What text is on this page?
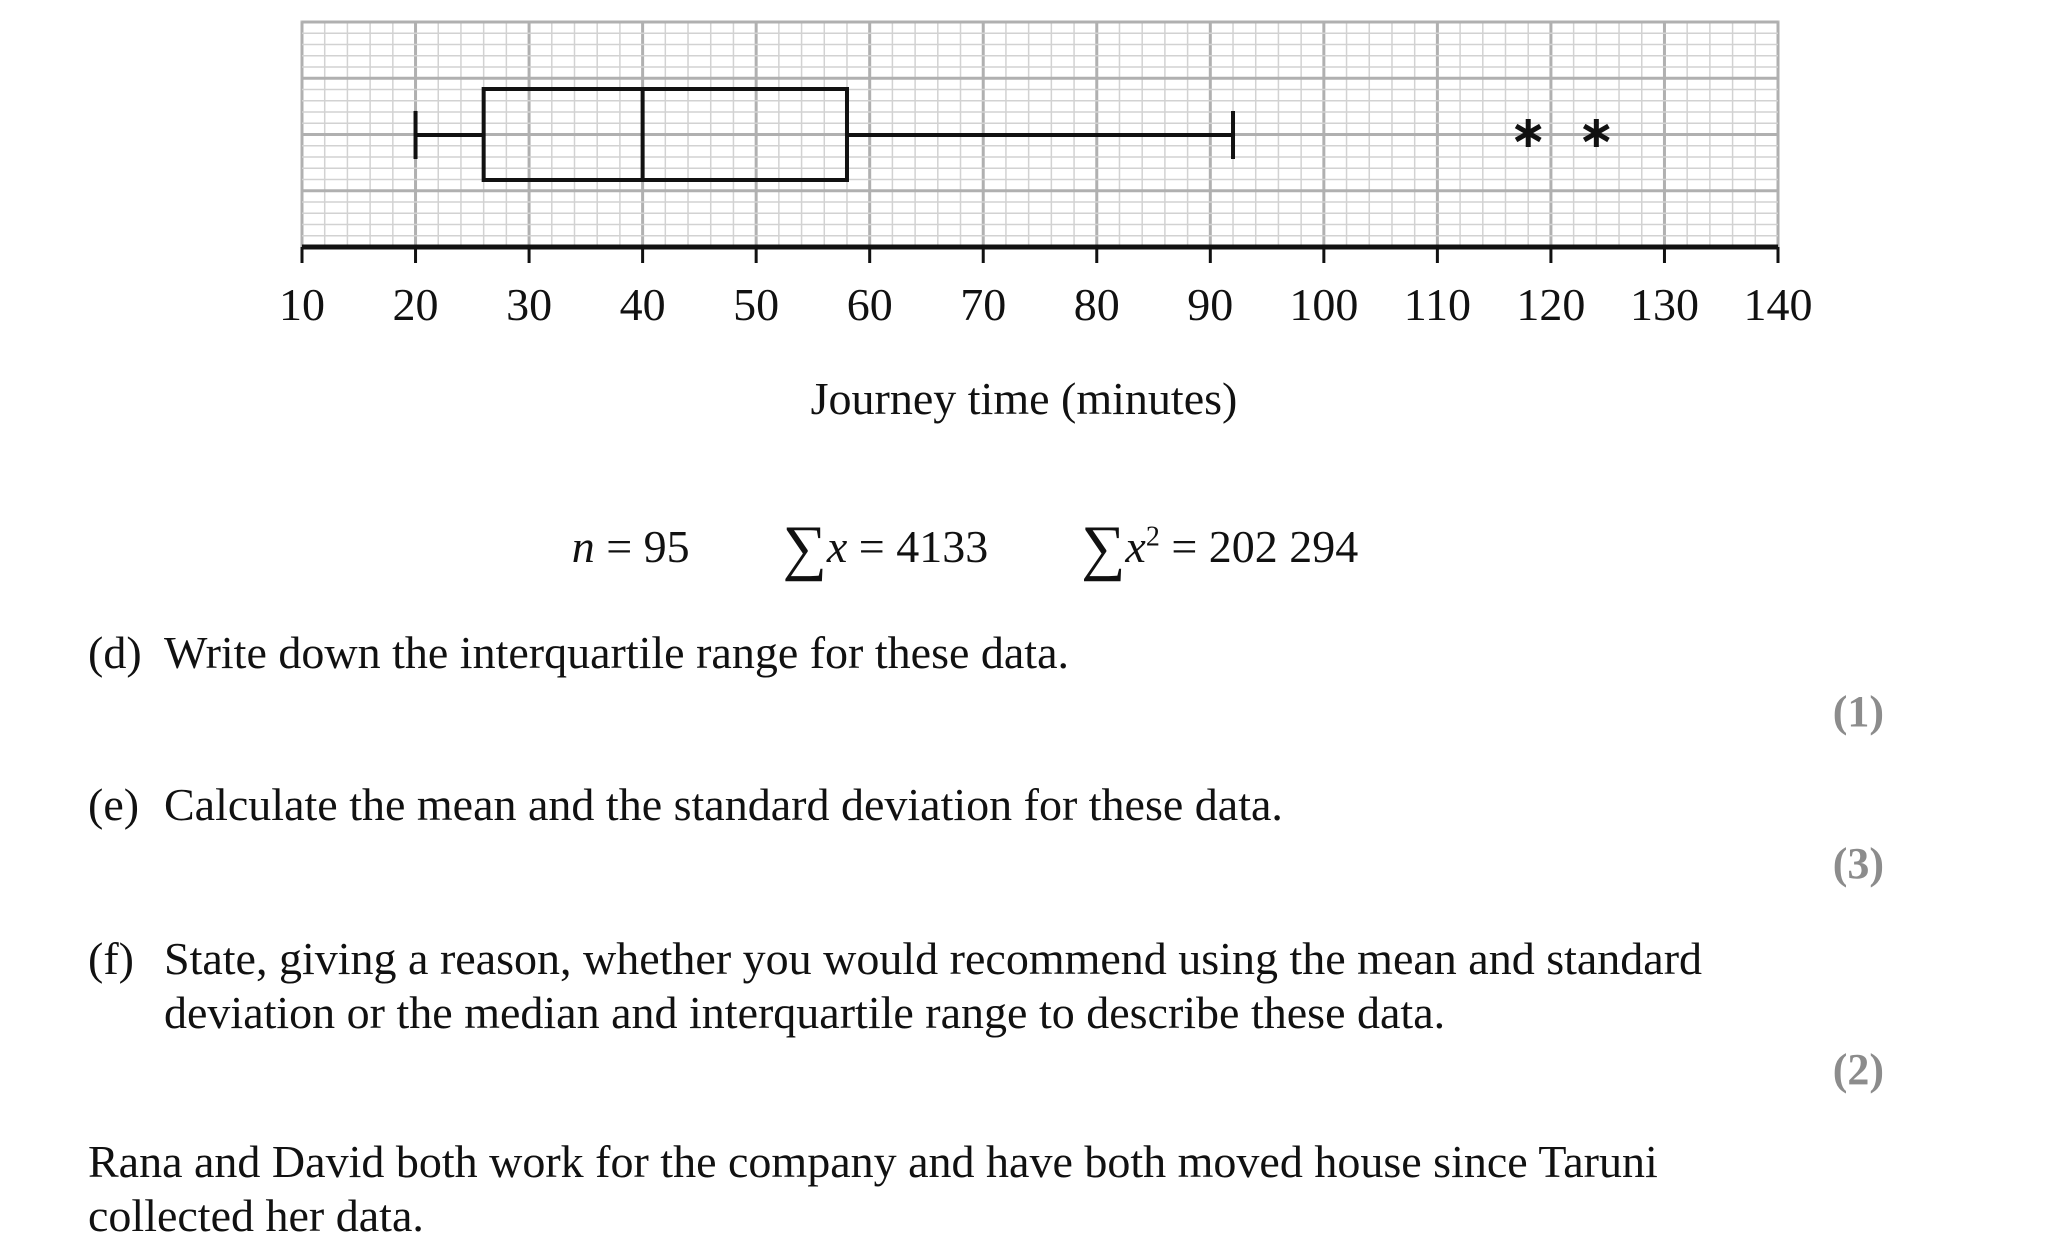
10 20 30 40 50 60 70 80 90 100 110 120 130 140
Journey time (minutes)
n = 95 ∑x = 4133 $\sum x^2 = 202$ 294
(d) Write down the interquartile range for these data.
(1)
(e) Calculate the mean and the standard deviation for these data.
(3)
(f) State, giving a reason, whether you would recommend using the mean and standard deviation or the median and interquartile range to describe these data.
(2)
Rana and David both work for the company and have both moved house since Taruni collected her data.
